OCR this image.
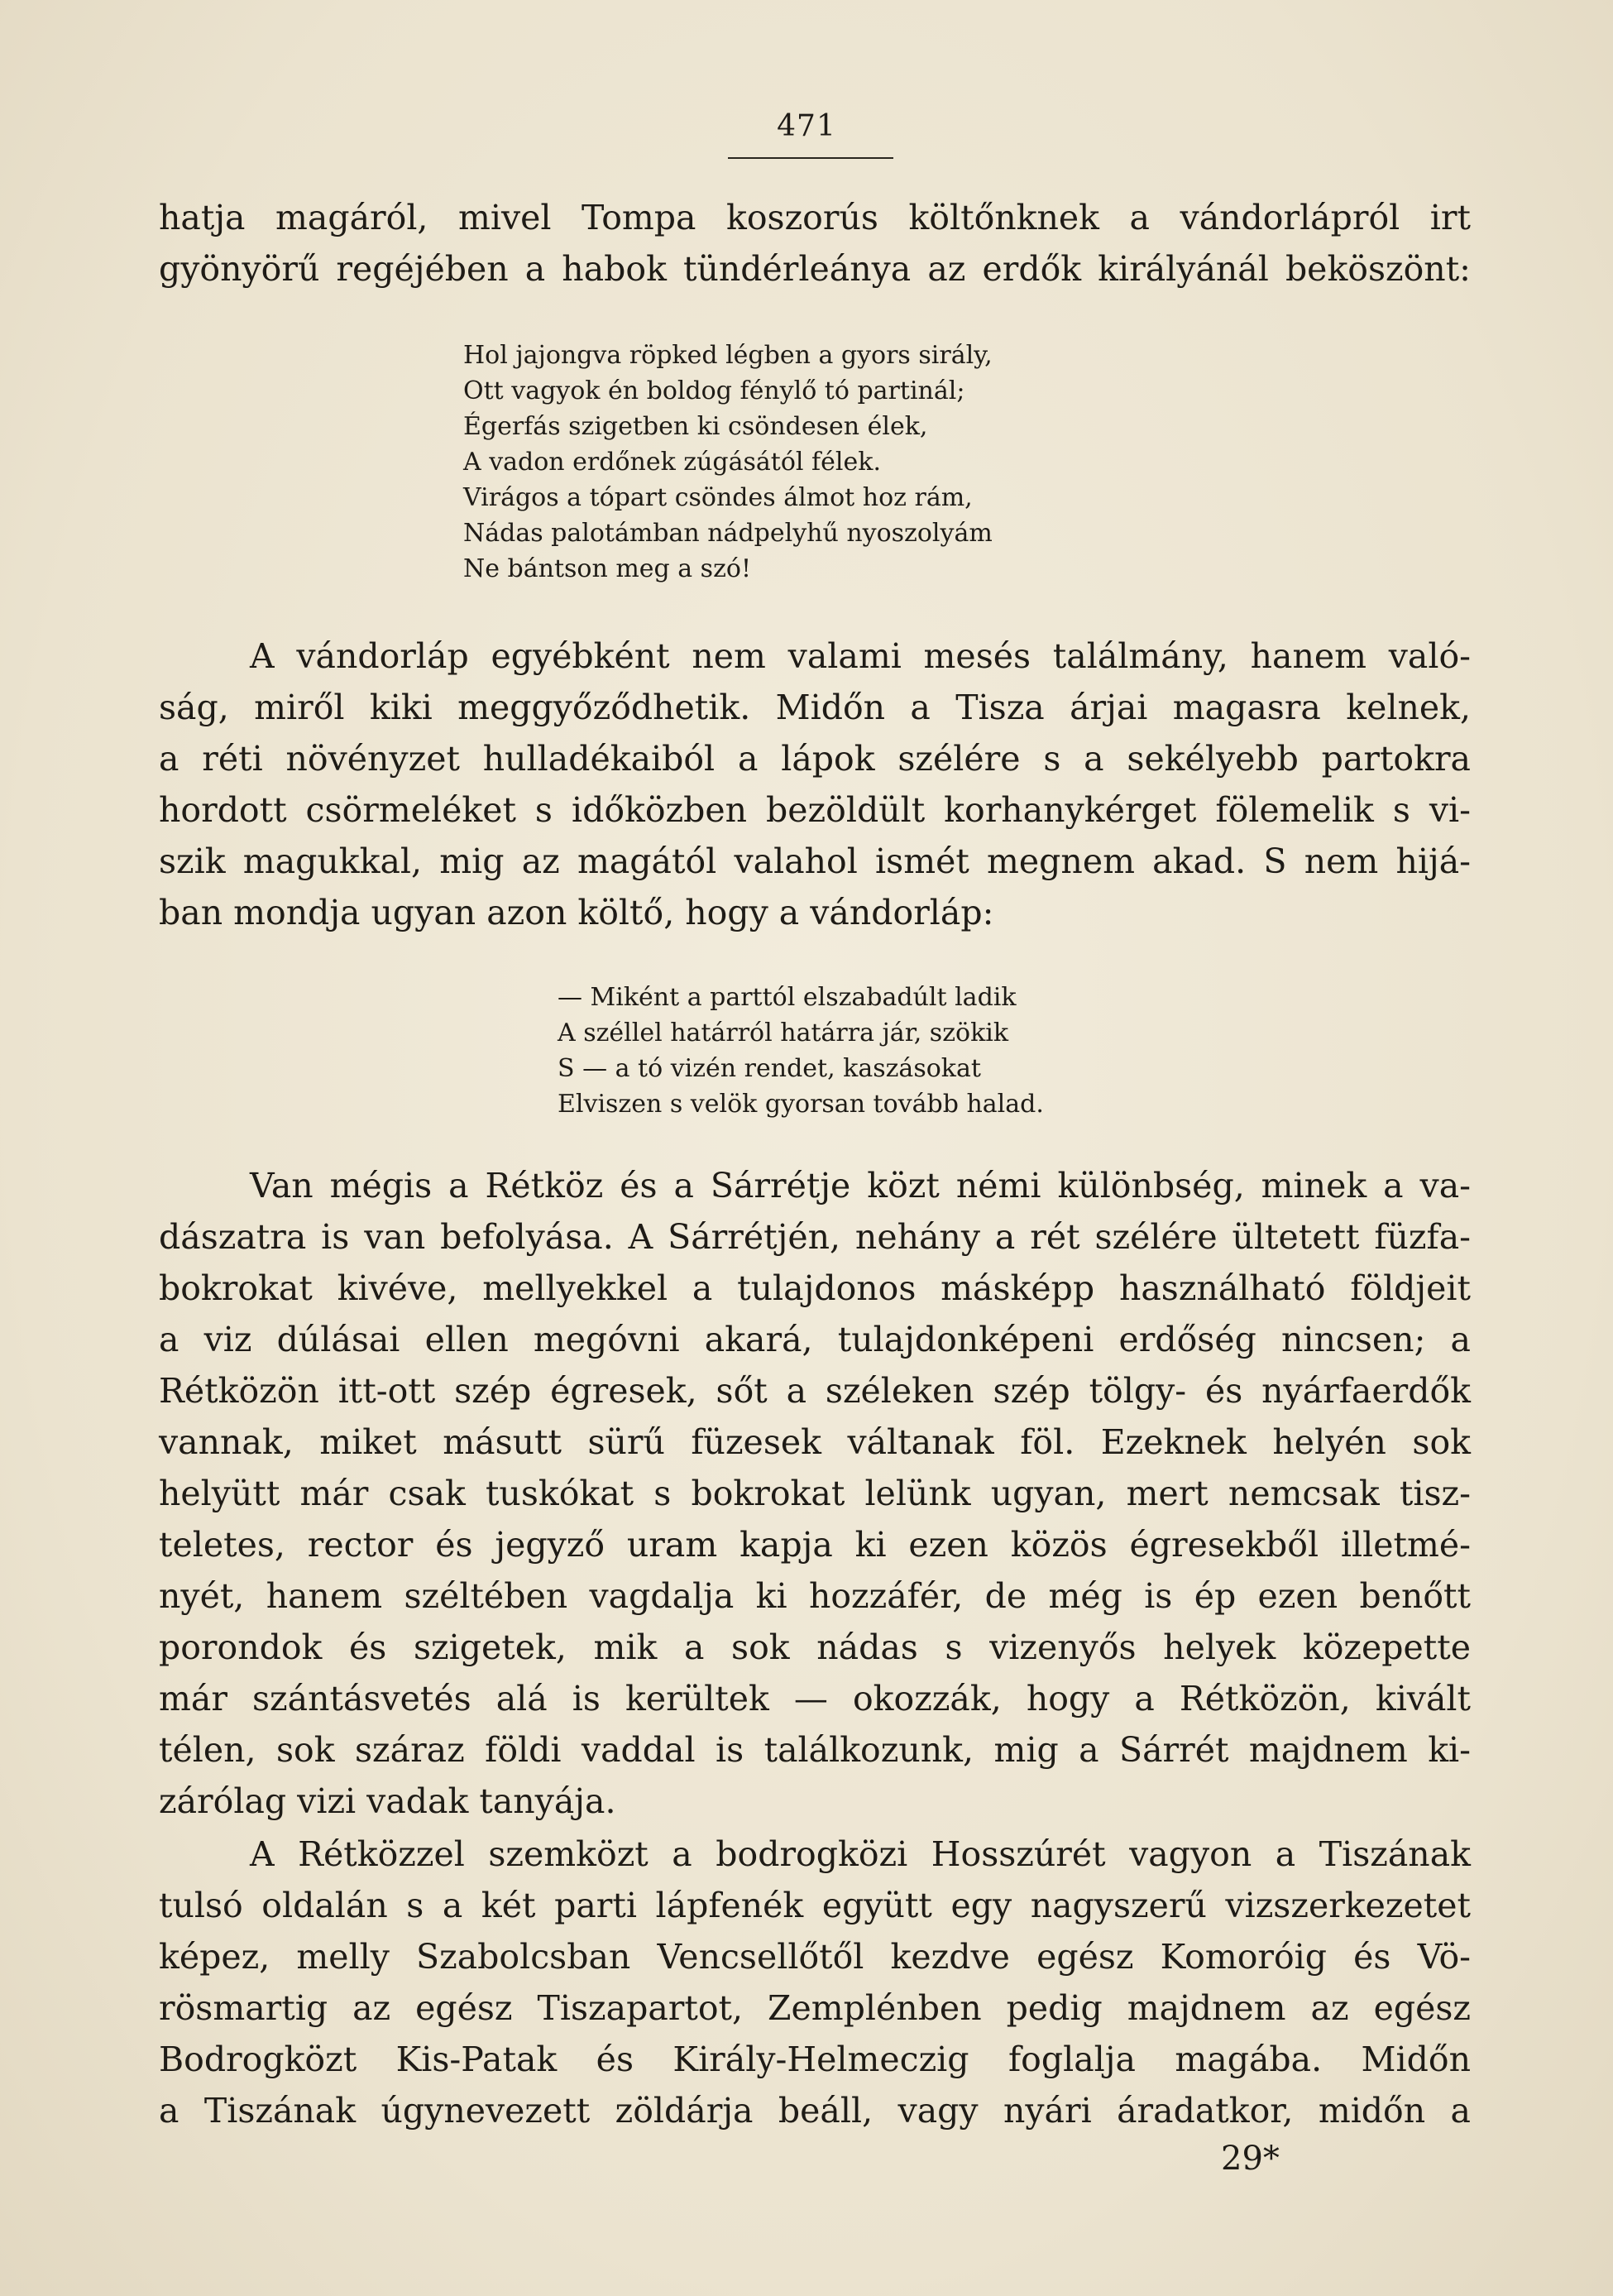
471
hatja magáról, mivel Tompa koszorús költőnknek a vándorlápról irt
gyönyörű regéjében a habok tündérleánya az erdők királyánál beköszönt:
Hol jajongva röpked légben a gyors sirály,
Ott vagyok én boldog fénylő tó partinál;
Égerfás szigetben ki csöndesen élek,
A vadon erdőnek zúgásától félek.
Virágos a tópart csöndes álmot hoz rám,
Nádas palotámban nádpelyhű nyoszolyám
Ne bántson meg a szó!
A vándorláp egyébként nem valami mesés találmány, hanem való-
ság, miről kiki meggyőződhetik. Midőn a Tisza árjai magasra kelnek,
a réti növényzet hulladékaiból a lápok szélére s a sekélyebb partokra
hordott csörmeléket s időközben bezöldült korhanykérget fölemelik s vi-
szik magukkal, mig az magától valahol ismét megnem akad. S nem hijá-
ban mondja ugyan azon költő, hogy a vándorláp:
— Miként a parttól elszabadúlt ladik
A széllel határról határra jár, szökik
S — a tó vizén rendet, kaszásokat
Elviszen s velök gyorsan tovább halad.
Van mégis a Rétköz és a Sárrétje közt némi különbség, minek a va-
dászatra is van befolyása. A Sárrétjén, nehány a rét szélére ültetett füzfa-
bokrokat kivéve, mellyekkel a tulajdonos másképp használható földjeit
a viz dúlásai ellen megóvni akará, tulajdonképeni erdőség nincsen; a
Rétközön itt-ott szép égresek, sőt a széleken szép tölgy- és nyárfaerdők
vannak, miket másutt sürű füzesek váltanak föl. Ezeknek helyén sok
helyütt már csak tuskókat s bokrokat lelünk ugyan, mert nemcsak tisz-
teletes, rector és jegyző uram kapja ki ezen közös égresekből illetmé-
nyét, hanem széltében vagdalja ki hozzáfér, de még is ép ezen benőtt
porondok és szigetek, mik a sok nádas s vizenyős helyek közepette
már szántásvetés alá is kerültek — okozzák, hogy a Rétközön, kivált
télen, sok száraz földi vaddal is találkozunk, mig a Sárrét majdnem ki-
zárólag vizi vadak tanyája.
A Rétközzel szemközt a bodrogközi Hosszúrét vagyon a Tiszának
tulsó oldalán s a két parti lápfenék együtt egy nagyszerű vizszerkezetet
képez, melly Szabolcsban Vencsellőtől kezdve egész Komoróig és Vö-
rösmartig az egész Tiszapartot, Zemplénben pedig majdnem az egész
Bodrogközt Kis-Patak és Király-Helmeczig foglalja magába. Midőn
a Tiszának úgynevezett zöldárja beáll, vagy nyári áradatkor, midőn a
29*
